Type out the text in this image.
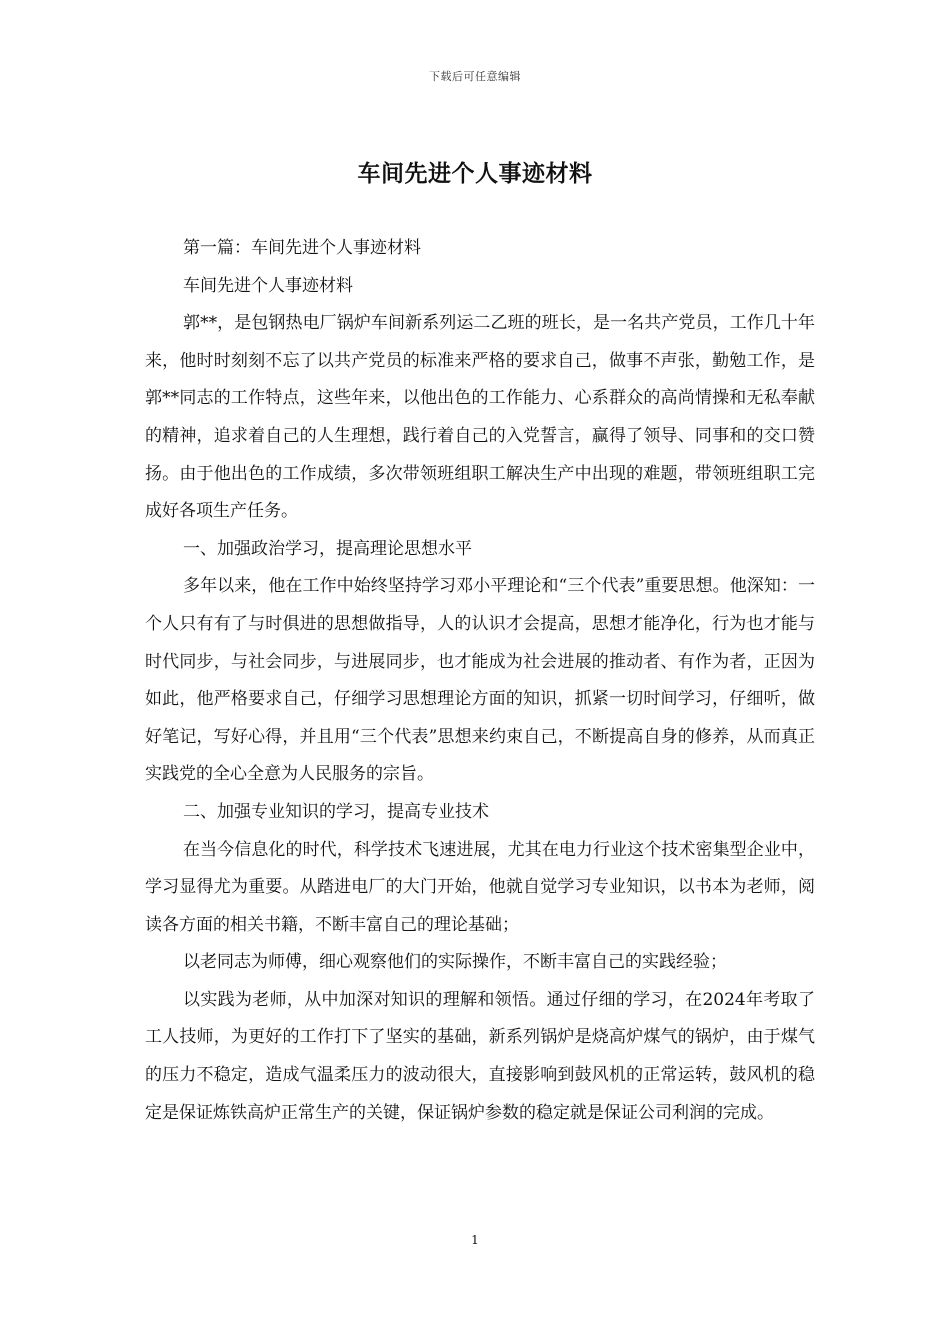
下载后可任意编辑
车间先进个人事迹材料

第一篇：车间先进个人事迹材料

车间先进个人事迹材料

郭**，是包钢热电厂锅炉车间新系列运二乙班的班长，是一名共产党员，工作几十年来，他时时刻刻不忘了以共产党员的标准来严格的要求自己，做事不声张，勤勉工作，是郭**同志的工作特点，这些年来，以他出色的工作能力、心系群众的高尚情操和无私奉献的精神，追求着自己的人生理想，践行着自己的入党誓言，赢得了领导、同事和的交口赞扬。由于他出色的工作成绩，多次带领班组职工解决生产中出现的难题，带领班组职工完成好各项生产任务。

一、加强政治学习，提高理论思想水平

多年以来，他在工作中始终坚持学习邓小平理论和“三个代表”重要思想。他深知：一个人只有有了与时俱进的思想做指导，人的认识才会提高，思想才能净化，行为也才能与时代同步，与社会同步，与进展同步，也才能成为社会进展的推动者、有作为者，正因为如此，他严格要求自己，仔细学习思想理论方面的知识，抓紧一切时间学习，仔细听，做好笔记，写好心得，并且用“三个代表”思想来约束自己，不断提高自身的修养，从而真正实践党的全心全意为人民服务的宗旨。

二、加强专业知识的学习，提高专业技术

在当今信息化的时代，科学技术飞速进展，尤其在电力行业这个技术密集型企业中，学习显得尤为重要。从踏进电厂的大门开始，他就自觉学习专业知识，以书本为老师，阅读各方面的相关书籍，不断丰富自己的理论基础；

以老同志为师傅，细心观察他们的实际操作，不断丰富自己的实践经验；

以实践为老师，从中加深对知识的理解和领悟。通过仔细的学习，在2024年考取了工人技师，为更好的工作打下了坚实的基础，新系列锅炉是烧高炉煤气的锅炉，由于煤气的压力不稳定，造成气温柔压力的波动很大，直接影响到鼓风机的正常运转，鼓风机的稳定是保证炼铁高炉正常生产的关键，保证锅炉参数的稳定就是保证公司利润的完成。

1
